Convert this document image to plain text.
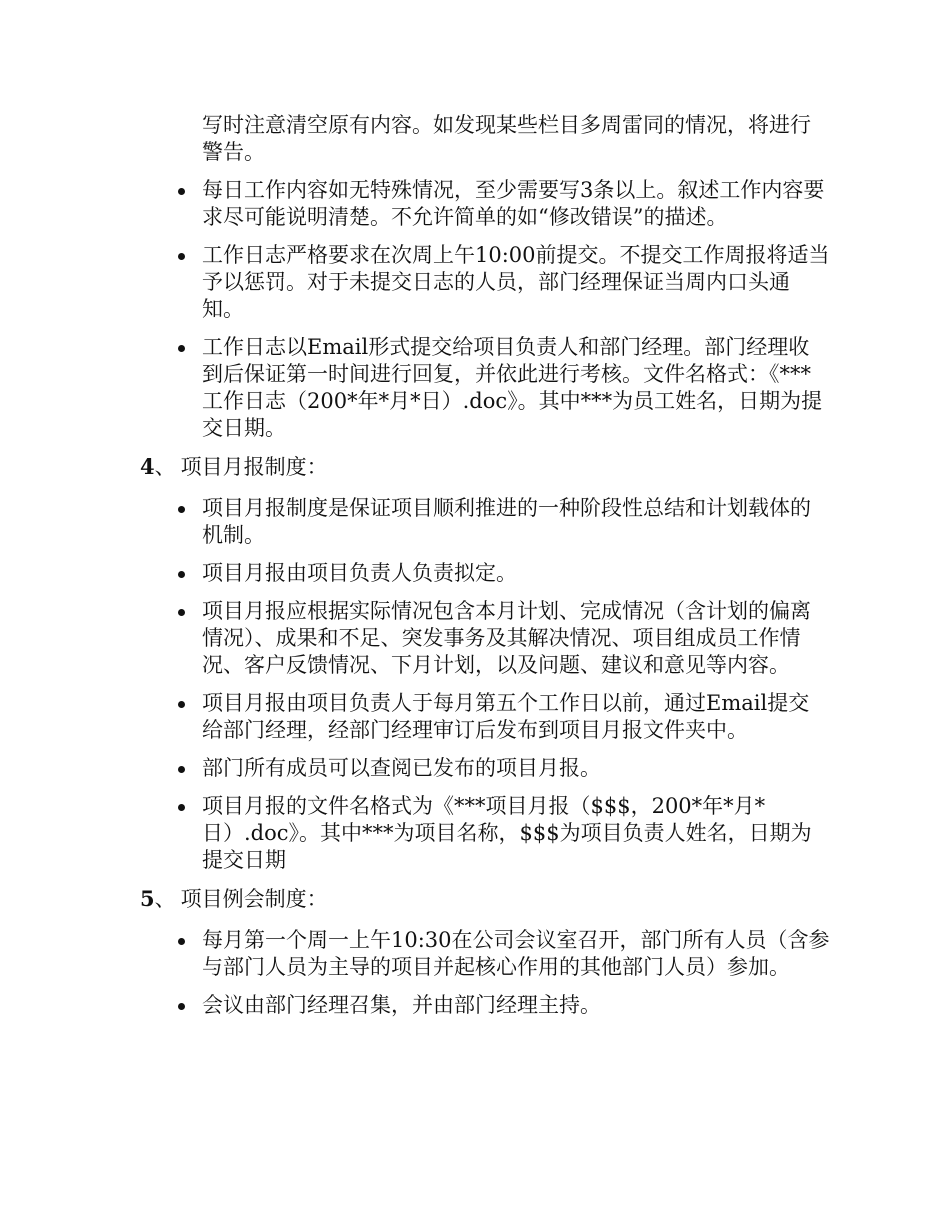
写时注意清空原有内容。如发现某些栏目多周雷同的情况，将进行警告。

每日工作内容如无特殊情况，至少需要写3条以上。叙述工作内容要求尽可能说明清楚。不允许简单的如“修改错误”的描述。
工作日志严格要求在次周上午10:00前提交。不提交工作周报将适当予以惩罚。对于未提交日志的人员，部门经理保证当周内口头通知。
工作日志以Email形式提交给项目负责人和部门经理。部门经理收到后保证第一时间进行回复，并依此进行考核。文件名格式：《***工作日志（200*年*月*日）.doc》。其中***为员工姓名，日期为提交日期。
4 、 项目月报制度：
项目月报制度是保证项目顺利推进的一种阶段性总结和计划载体的机制。
项目月报由项目负责人负责拟定。
项目月报应根据实际情况包含本月计划、完成情况（含计划的偏离情况）、成果和不足、突发事务及其解决情况、项目组成员工作情况、客户反馈情况、下月计划，以及问题、建议和意见等内容。
项目月报由项目负责人于每月第五个工作日以前，通过Email提交给部门经理，经部门经理审订后发布到项目月报文件夹中。
部门所有成员可以查阅已发布的项目月报。
项目月报的文件名格式为《***项目月报（$$$，200*年*月*日）.doc》。其中***为项目名称，$$$为项目负责人姓名，日期为提交日期
5 、 项目例会制度：
每月第一个周一上午10:30在公司会议室召开，部门所有人员（含参与部门人员为主导的项目并起核心作用的其他部门人员）参加。
会议由部门经理召集，并由部门经理主持。
